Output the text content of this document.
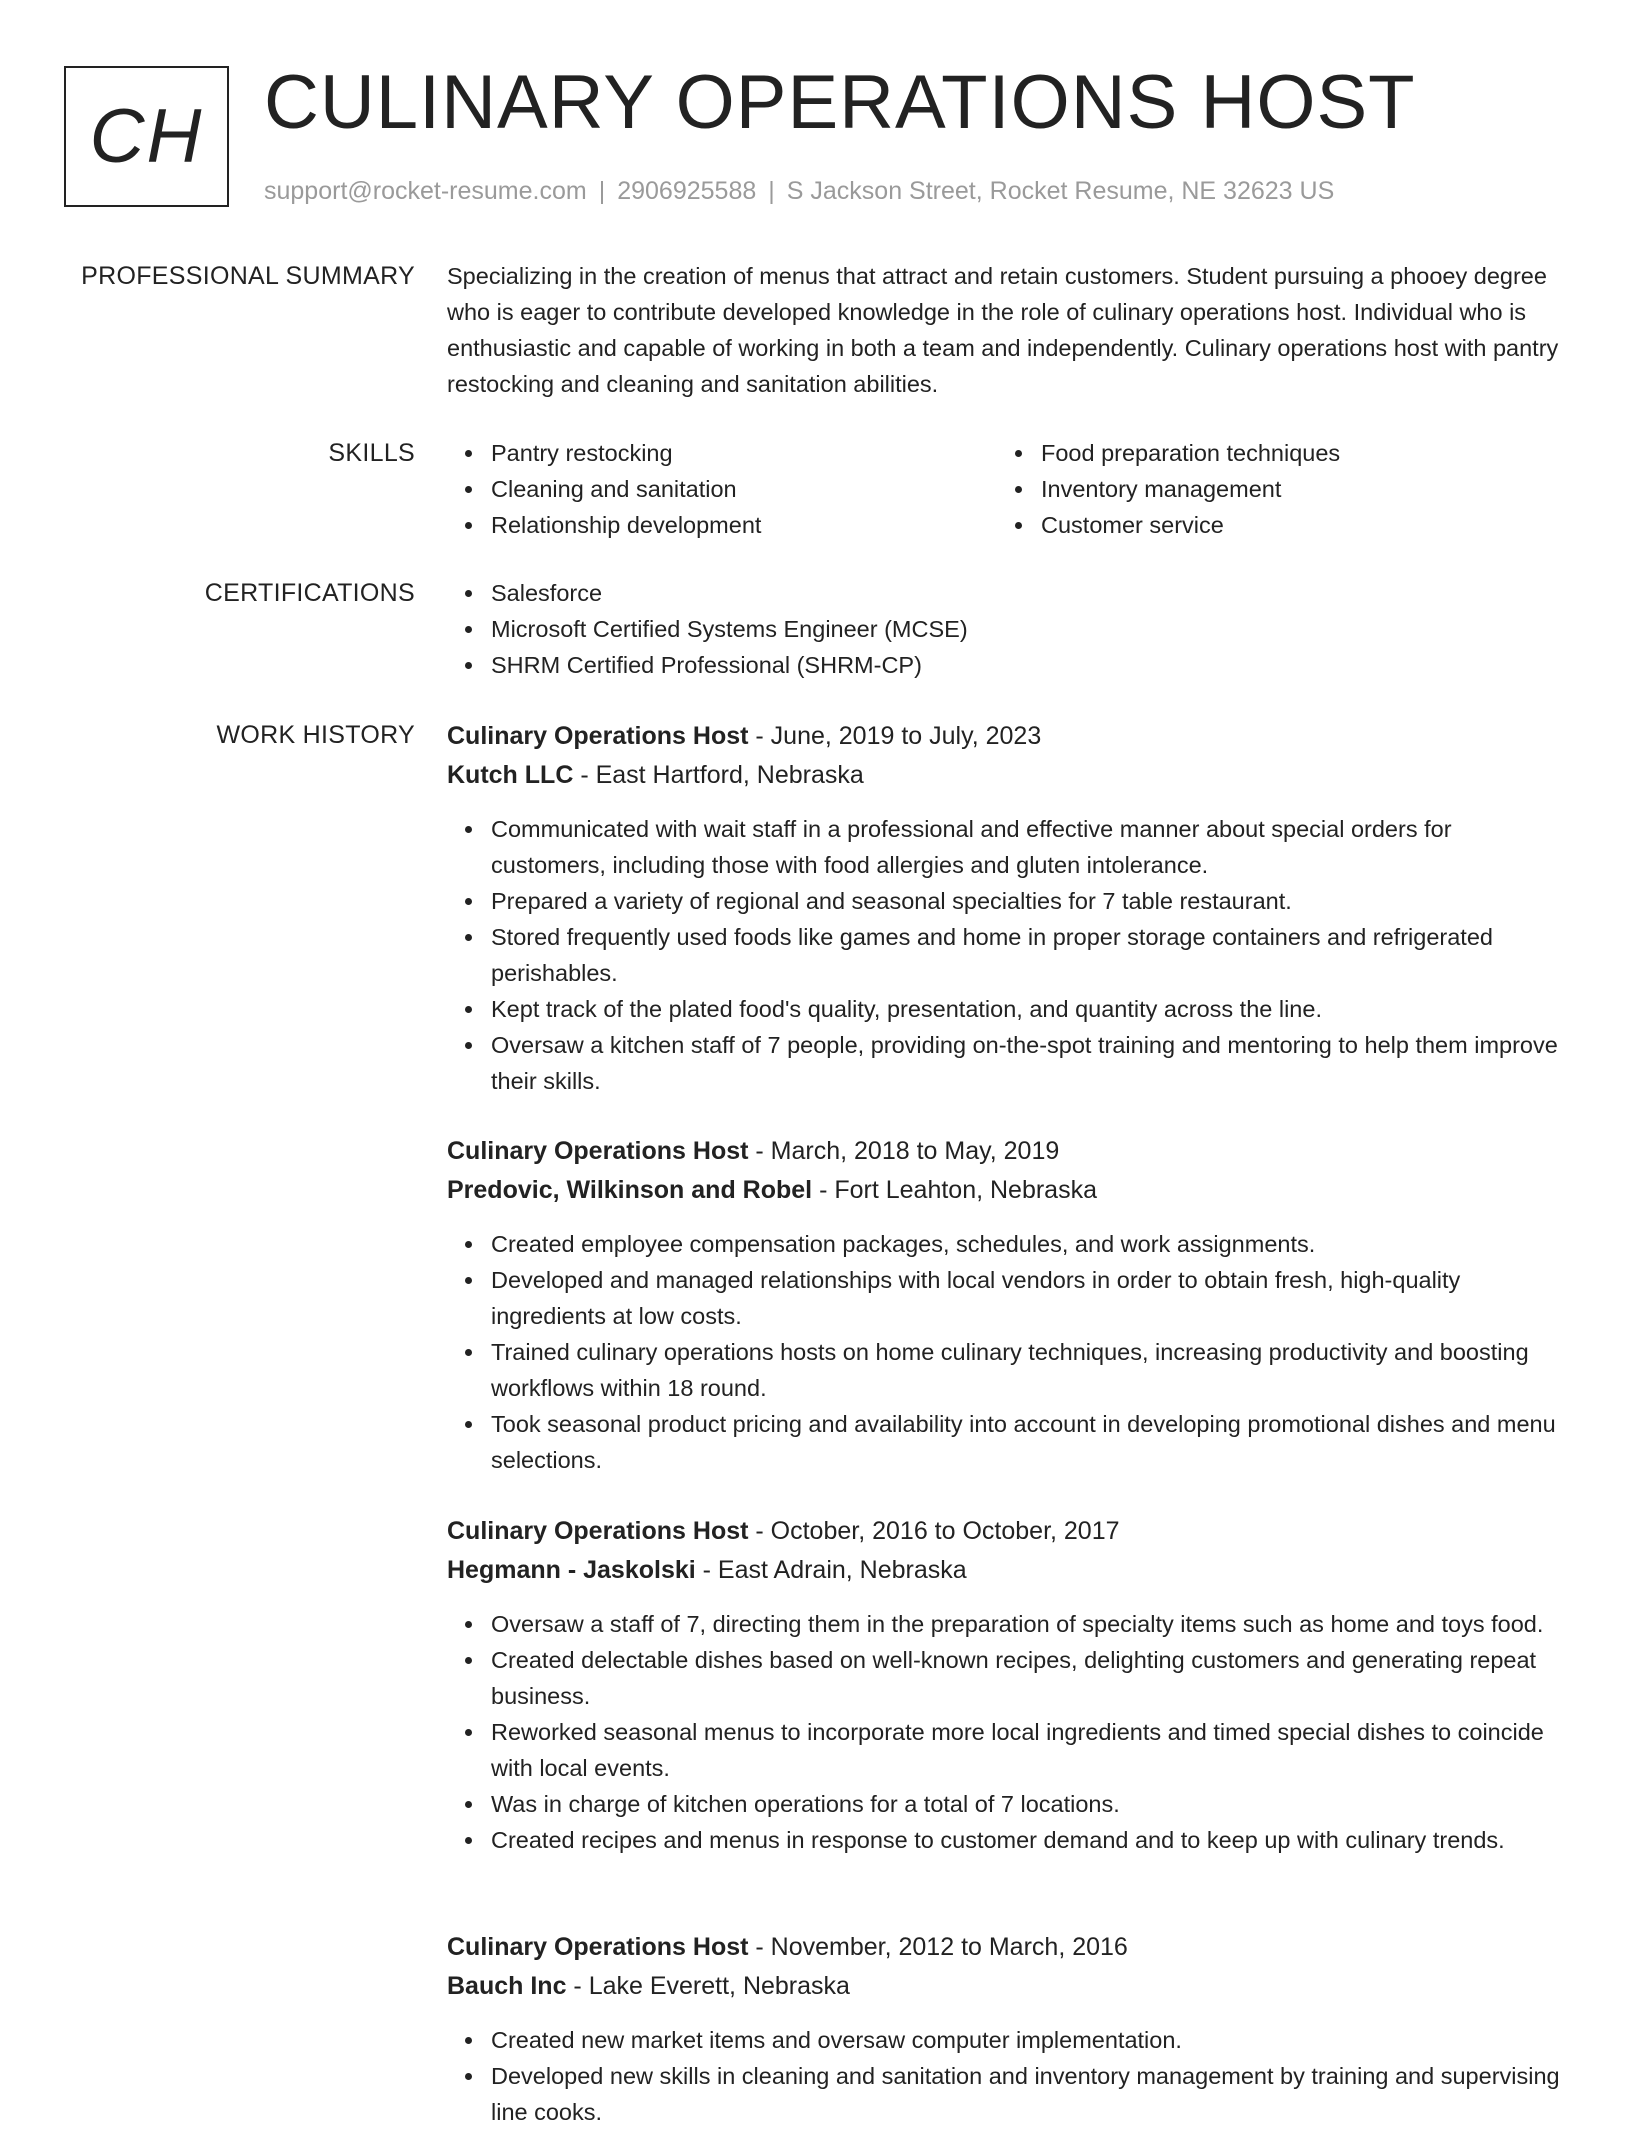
CH CULINARY OPERATIONS HOST
support@rocket-resume.com | 2906925588 | S Jackson Street, Rocket Resume, NE 32623 US
PROFESSIONAL SUMMARY Specializing in the creation of menus that attract and retain customers. Student pursuing a phooey degree who is eager to contribute developed knowledge in the role of culinary operations host. Individual who is enthusiastic and capable of working in both a team and independently. Culinary operations host with pantry restocking and cleaning and sanitation abilities.

SKILLS	Pantry restocking
Cleaning and sanitation
Relationship development
Food preparation techniques
Inventory management
Customer service
CERTIFICATIONS	Salesforce
Microsoft Certified Systems Engineer (MCSE)
SHRM Certified Professional (SHRM-CP)
WORK HISTORY Culinary Operations Host - June, 2019 to July, 2023
Kutch LLC - East Hartford, Nebraska
Communicated with wait staff in a professional and effective manner about special orders for customers, including those with food allergies and gluten intolerance.
Prepared a variety of regional and seasonal specialties for 7 table restaurant.
Stored frequently used foods like games and home in proper storage containers and refrigerated perishables.
Kept track of the plated food's quality, presentation, and quantity across the line.
Oversaw a kitchen staff of 7 people, providing on-the-spot training and mentoring to help them improve their skills.
Culinary Operations Host - March, 2018 to May, 2019
Predovic, Wilkinson and Robel - Fort Leahton, Nebraska
Created employee compensation packages, schedules, and work assignments.
Developed and managed relationships with local vendors in order to obtain fresh, high-quality ingredients at low costs.
Trained culinary operations hosts on home culinary techniques, increasing productivity and boosting workflows within 18 round.
Took seasonal product pricing and availability into account in developing promotional dishes and menu selections.
Culinary Operations Host - October, 2016 to October, 2017
Hegmann - Jaskolski - East Adrain, Nebraska
Oversaw a staff of 7, directing them in the preparation of specialty items such as home and toys food.
Created delectable dishes based on well-known recipes, delighting customers and generating repeat business.
Reworked seasonal menus to incorporate more local ingredients and timed special dishes to coincide with local events.
Was in charge of kitchen operations for a total of 7 locations.
Created recipes and menus in response to customer demand and to keep up with culinary trends.
Culinary Operations Host - November, 2012 to March, 2016
Bauch Inc - Lake Everett, Nebraska
Created new market items and oversaw computer implementation.
Developed new skills in cleaning and sanitation and inventory management by training and supervising line cooks.
